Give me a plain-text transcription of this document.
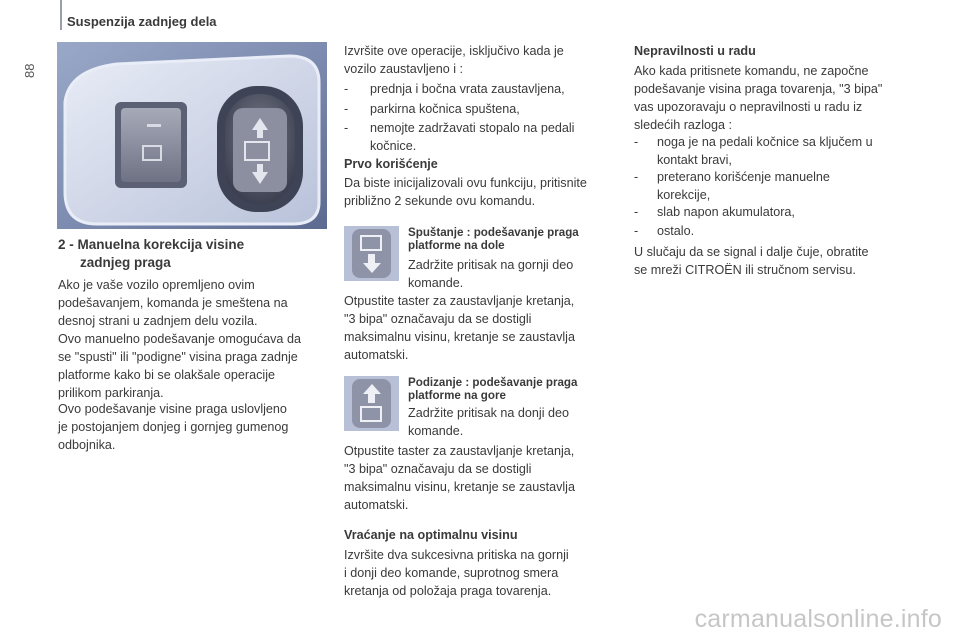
Suspenzija zadnjeg dela
88
2 - Manuelna korekcija visine
zadnjeg praga

Ako je vaše vozilo opremljeno ovim

podešavanjem, komanda je smeštena na

desnoj strani u zadnjem delu vozila.

Ovo manuelno podešavanje omogućava da

se "spusti" ili "podigne" visina praga zadnje

platforme kako bi se olakšale operacije

prilikom parkiranja.

Ovo podešavanje visine praga uslovljeno

je postojanjem donjeg i gornjeg gumenog

odbojnika.

Izvršite ove operacije, isključivo kada je

vozilo zaustavljeno i :

- prednja i bočna vrata zaustavljena,

- parkirna kočnica spuštena,

- nemojte zadržavati stopalo na pedali

kočnice.

Prvo korišćenje

Da biste inicijalizovali ovu funkciju, pritisnite

približno 2 sekunde ovu komandu.

Spuštanje : podešavanje praga

platforme na dole

Zadržite pritisak na gornji deo

komande.

Otpustite taster za zaustavljanje kretanja,

"3 bipa" označavaju da se dostigli

maksimalnu visinu, kretanje se zaustavlja

automatski.

Podizanje : podešavanje praga

platforme na gore

Zadržite pritisak na donji deo

komande.

Otpustite taster za zaustavljanje kretanja,

"3 bipa" označavaju da se dostigli

maksimalnu visinu, kretanje se zaustavlja

automatski.

Vraćanje na optimalnu visinu

Izvršite dva sukcesivna pritiska na gornji

i donji deo komande, suprotnog smera

kretanja od položaja praga tovarenja.

Nepravilnosti u radu

Ako kada pritisnete komandu, ne započne

podešavanje visina praga tovarenja, "3 bipa"

vas upozoravaju o nepravilnosti u radu iz

sledećih razloga :

- noga je na pedali kočnice sa ključem u

kontakt bravi,

- preterano korišćenje manuelne

korekcije,

- slab napon akumulatora,

- ostalo.

U slučaju da se signal i dalje čuje, obratite

se mreži CITROËN ili stručnom servisu.

carmanualsonline.info
